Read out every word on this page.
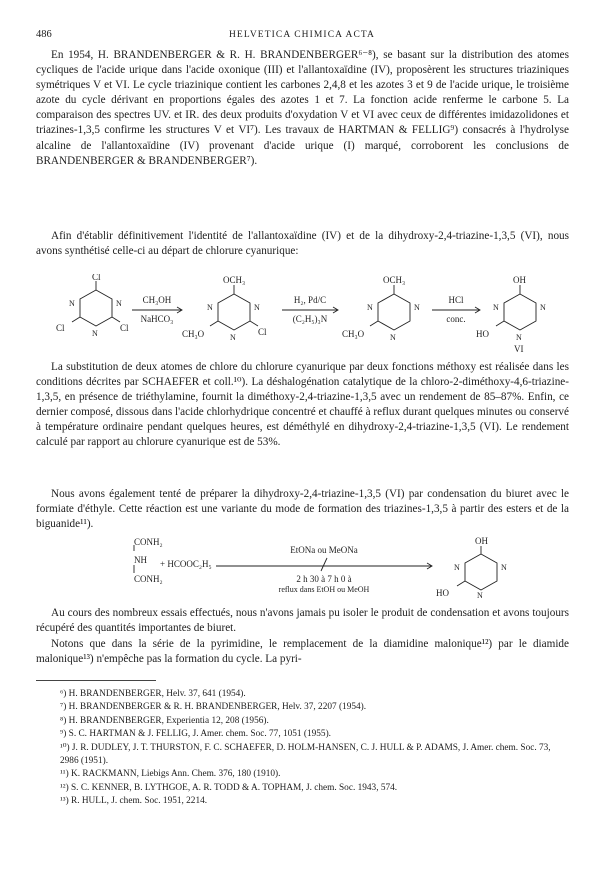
486	HELVETICA CHIMICA ACTA
En 1954, H. BRANDENBERGER & R. H. BRANDENBERGER⁶⁻⁸), se basant sur la distribution des atomes cycliques de l'acide urique dans l'acide oxonique (III) et l'allantoxaïdine (IV), proposèrent les structures triaziniques symétriques V et VI. Le cycle triazinique contient les carbones 2,4,8 et les azotes 3 et 9 de l'acide urique, le troisième azote du cycle dérivant en proportions égales des azotes 1 et 7. La fonction acide renferme le carbone 5. La comparaison des spectres UV. et IR. des deux produits d'oxydation V et VI avec ceux de différentes imidazolidones et triazines-1,3,5 confirme les structures V et VI⁷). Les travaux de HARTMAN & FELLIG⁹) consacrés à l'hydrolyse alcaline de l'allantoxaïdine (IV) provenant d'acide urique (I) marqué, corroborent les conclusions de BRANDENBERGER & BRANDENBERGER⁷).
Afin d'établir définitivement l'identité de l'allantoxaïdine (IV) et de la dihydroxy-2,4-triazine-1,3,5 (VI), nous avons synthétisé celle-ci au départ de chlorure cyanurique:
Cl
N	N
N
Cl	Cl
CH₃OH
NaHCO₃
OCH₃
N	N
N
CH₃O	Cl
H₂, Pd/C
(C₂H₅)₃N
OCH₃
N	N
N
CH₃O
HCl
conc.
OH
N	N
N
HO
VI
La substitution de deux atomes de chlore du chlorure cyanurique par deux fonctions méthoxy est réalisée dans les conditions décrites par SCHAEFER et coll.¹⁰). La déshalogénation catalytique de la chloro-2-diméthoxy-4,6-triazine-1,3,5, en présence de triéthylamine, fournit la diméthoxy-2,4-triazine-1,3,5 avec un rendement de 85–87%. Enfin, ce dernier composé, dissous dans l'acide chlorhydrique concentré et chauffé à reflux durant quelques minutes ou conservé à température ordinaire pendant quelques heures, est déméthylé en dihydroxy-2,4-triazine-1,3,5 (VI). Le rendement calculé par rapport au chlorure cyanurique est de 53%.
Nous avons également tenté de préparer la dihydroxy-2,4-triazine-1,3,5 (VI) par condensation du biuret avec le formiate d'éthyle. Cette réaction est une variante du mode de formation des triazines-1,3,5 à partir des esters et de la biguanide¹¹).
CONH₂
NH
CONH₂
+ HCOOC₂H₅
EtONa ou MeONa
2 h 30 à 7 h 0 à
reflux dans EtOH ou MeOH
OH
N	N
N
HO
Au cours des nombreux essais effectués, nous n'avons jamais pu isoler le produit de condensation et avons toujours récupéré des quantités importantes de biuret.
Notons que dans la série de la pyrimidine, le remplacement de la diamidine malonique¹²) par le diamide malonique¹³) n'empêche pas la formation du cycle. La pyri-
⁶) H. BRANDENBERGER, Helv. 37, 641 (1954).
⁷) H. BRANDENBERGER & R. H. BRANDENBERGER, Helv. 37, 2207 (1954).
⁸) H. BRANDENBERGER, Experientia 12, 208 (1956).
⁹) S. C. HARTMAN & J. FELLIG, J. Amer. chem. Soc. 77, 1051 (1955).
¹⁰) J. R. DUDLEY, J. T. THURSTON, F. C. SCHAEFER, D. HOLM-HANSEN, C. J. HULL & P. ADAMS, J. Amer. chem. Soc. 73, 2986 (1951).
¹¹) K. RACKMANN, Liebigs Ann. Chem. 376, 180 (1910).
¹²) S. C. KENNER, B. LYTHGOE, A. R. TODD & A. TOPHAM, J. chem. Soc. 1943, 574.
¹³) R. HULL, J. chem. Soc. 1951, 2214.
